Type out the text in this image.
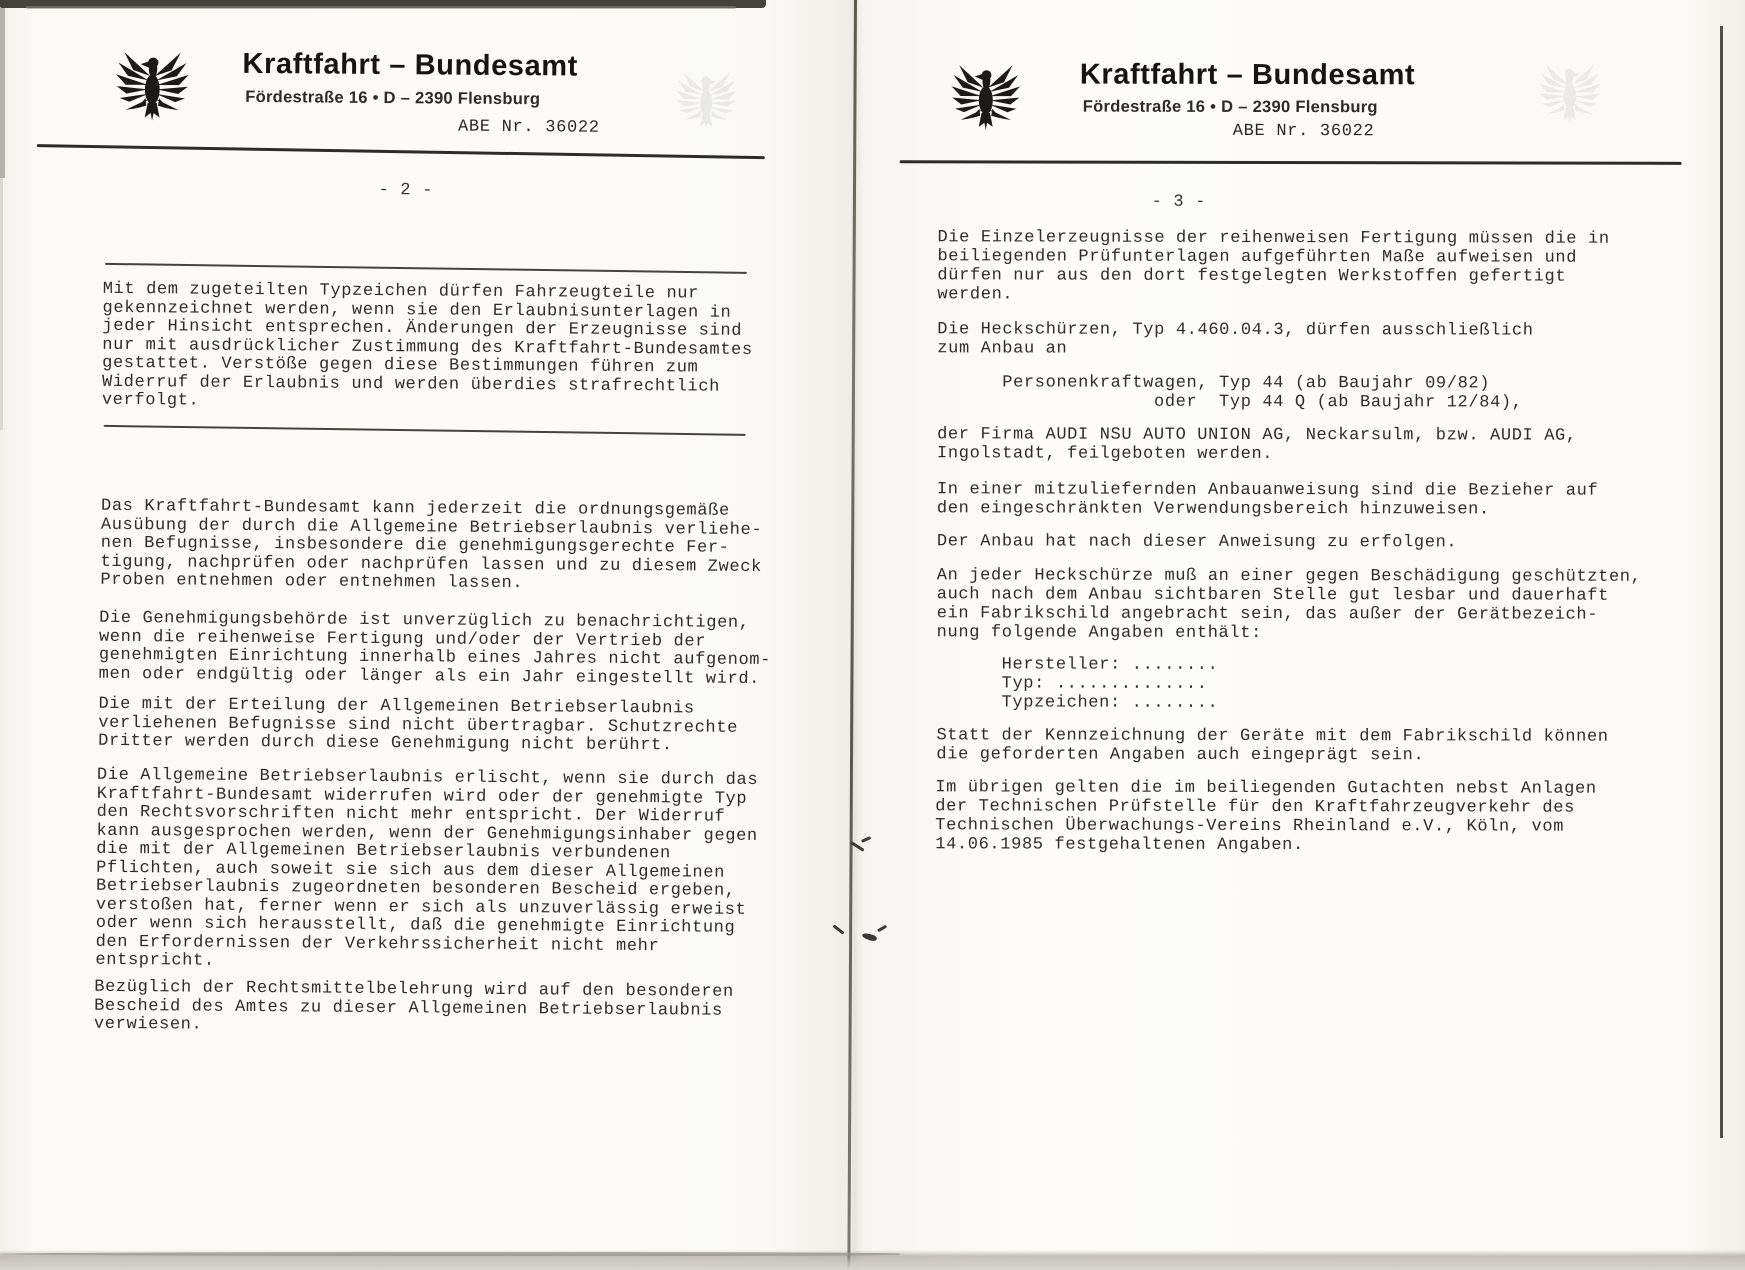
Kraftfahrt – Bundesamt
Fördestraße 16 • D – 2390 Flensburg
ABE Nr. 36022
- 2 -
Mit dem zugeteilten Typzeichen dürfen Fahrzeugteile nur
gekennzeichnet werden, wenn sie den Erlaubnisunterlagen in
jeder Hinsicht entsprechen. Änderungen der Erzeugnisse sind
nur mit ausdrücklicher Zustimmung des Kraftfahrt-Bundesamtes
gestattet. Verstöße gegen diese Bestimmungen führen zum
Widerruf der Erlaubnis und werden überdies strafrechtlich
verfolgt.
Das Kraftfahrt-Bundesamt kann jederzeit die ordnungsgemäße
Ausübung der durch die Allgemeine Betriebserlaubnis verliehe-
nen Befugnisse, insbesondere die genehmigungsgerechte Fer-
tigung, nachprüfen oder nachprüfen lassen und zu diesem Zweck
Proben entnehmen oder entnehmen lassen.
Die Genehmigungsbehörde ist unverzüglich zu benachrichtigen,
wenn die reihenweise Fertigung und/oder der Vertrieb der
genehmigten Einrichtung innerhalb eines Jahres nicht aufgenom-
men oder endgültig oder länger als ein Jahr eingestellt wird.
Die mit der Erteilung der Allgemeinen Betriebserlaubnis
verliehenen Befugnisse sind nicht übertragbar. Schutzrechte
Dritter werden durch diese Genehmigung nicht berührt.
Die Allgemeine Betriebserlaubnis erlischt, wenn sie durch das
Kraftfahrt-Bundesamt widerrufen wird oder der genehmigte Typ
den Rechtsvorschriften nicht mehr entspricht. Der Widerruf
kann ausgesprochen werden, wenn der Genehmigungsinhaber gegen
die mit der Allgemeinen Betriebserlaubnis verbundenen
Pflichten, auch soweit sie sich aus dem dieser Allgemeinen
Betriebserlaubnis zugeordneten besonderen Bescheid ergeben,
verstoßen hat, ferner wenn er sich als unzuverlässig erweist
oder wenn sich herausstellt, daß die genehmigte Einrichtung
den Erfordernissen der Verkehrssicherheit nicht mehr
entspricht.
Bezüglich der Rechtsmittelbelehrung wird auf den besonderen
Bescheid des Amtes zu dieser Allgemeinen Betriebserlaubnis
verwiesen.
Kraftfahrt – Bundesamt
Fördestraße 16 • D – 2390 Flensburg
ABE Nr. 36022
- 3 -
Die Einzelerzeugnisse der reihenweisen Fertigung müssen die in
beiliegenden Prüfunterlagen aufgeführten Maße aufweisen und
dürfen nur aus den dort festgelegten Werkstoffen gefertigt
werden.
Die Heckschürzen, Typ 4.460.04.3, dürfen ausschließlich
zum Anbau an
Personenkraftwagen, Typ 44 (ab Baujahr 09/82)
oder  Typ 44 Q (ab Baujahr 12/84),
der Firma AUDI NSU AUTO UNION AG, Neckarsulm, bzw. AUDI AG,
Ingolstadt, feilgeboten werden.
In einer mitzuliefernden Anbauanweisung sind die Bezieher auf
den eingeschränkten Verwendungsbereich hinzuweisen.
Der Anbau hat nach dieser Anweisung zu erfolgen.
An jeder Heckschürze muß an einer gegen Beschädigung geschützten,
auch nach dem Anbau sichtbaren Stelle gut lesbar und dauerhaft
ein Fabrikschild angebracht sein, das außer der Gerätbezeich-
nung folgende Angaben enthält:
Hersteller: ........
Typ: ..............
Typzeichen: ........
Statt der Kennzeichnung der Geräte mit dem Fabrikschild können
die geforderten Angaben auch eingeprägt sein.
Im übrigen gelten die im beiliegenden Gutachten nebst Anlagen
der Technischen Prüfstelle für den Kraftfahrzeugverkehr des
Technischen Überwachungs-Vereins Rheinland e.V., Köln, vom
14.06.1985 festgehaltenen Angaben.
